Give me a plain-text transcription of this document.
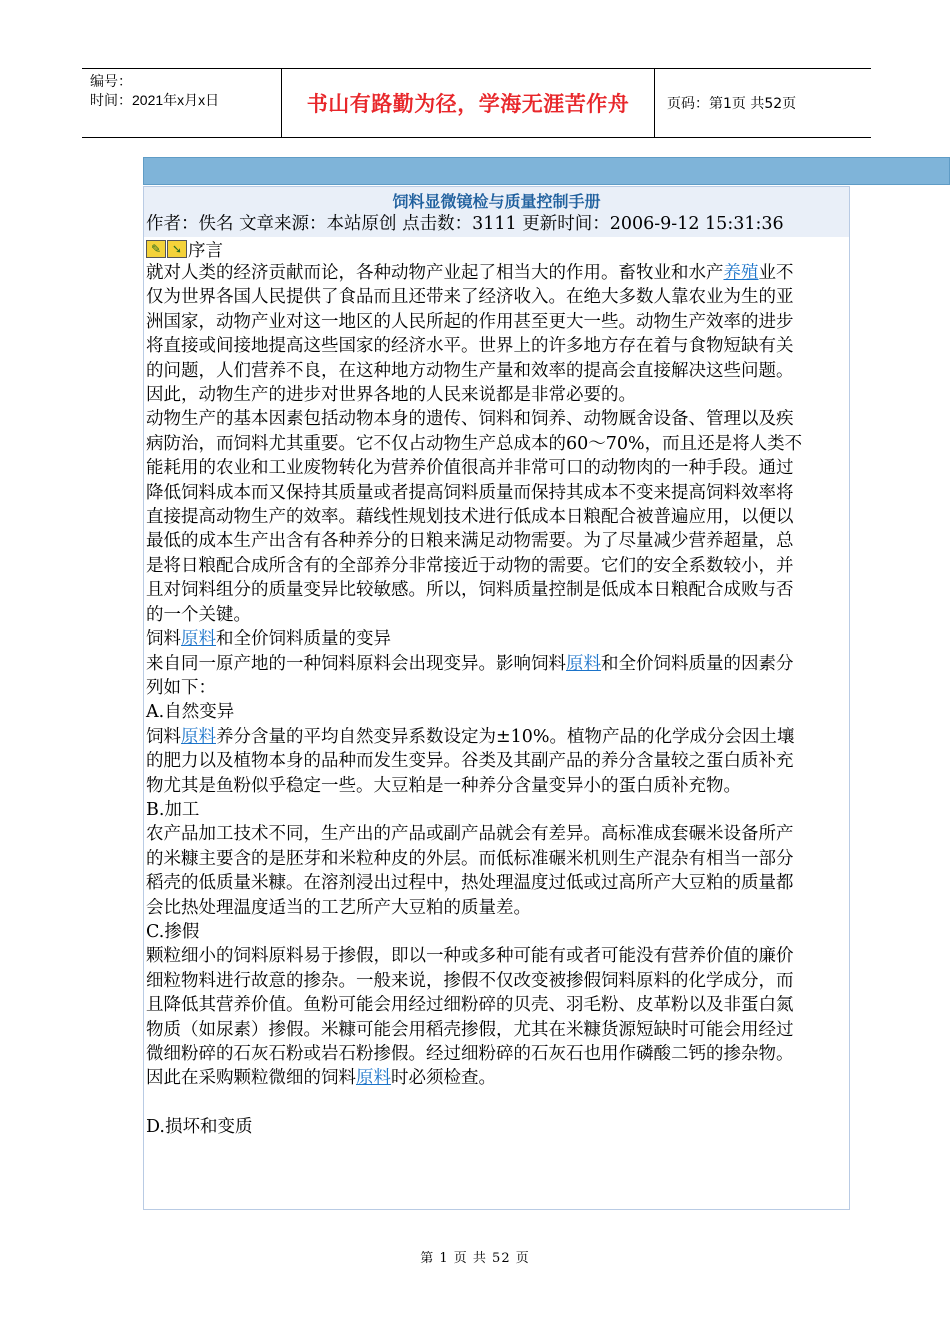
编号：
时间：2021年x月x日	书山有路勤为径，学海无涯苦作舟	页码：第1页 共52页
饲料显微镜检与质量控制手册
作者：佚名 文章来源：本站原创 点击数：3111 更新时间：2006-9-12 15:31:36
✎ ➘ 序言

就对人类的经济贡献而论，各种动物产业起了相当大的作用。畜牧业和水产养殖业不仅为世界各国人民提供了食品而且还带来了经济收入。在绝大多数人靠农业为生的亚洲国家，动物产业对这一地区的人民所起的作用甚至更大一些。动物生产效率的进步将直接或间接地提高这些国家的经济水平。世界上的许多地方存在着与食物短缺有关的问题，人们营养不良，在这种地方动物生产量和效率的提高会直接解决这些问题。因此，动物生产的进步对世界各地的人民来说都是非常必要的。

动物生产的基本因素包括动物本身的遗传、饲料和饲养、动物厩舍设备、管理以及疾病防治，而饲料尤其重要。它不仅占动物生产总成本的60～70%，而且还是将人类不能耗用的农业和工业废物转化为营养价值很高并非常可口的动物肉的一种手段。通过降低饲料成本而又保持其质量或者提高饲料质量而保持其成本不变来提高饲料效率将直接提高动物生产的效率。藉线性规划技术进行低成本日粮配合被普遍应用，以便以最低的成本生产出含有各种养分的日粮来满足动物需要。为了尽量减少营养超量，总是将日粮配合成所含有的全部养分非常接近于动物的需要。它们的安全系数较小，并且对饲料组分的质量变异比较敏感。所以，饲料质量控制是低成本日粮配合成败与否的一个关键。

饲料原料和全价饲料质量的变异

来自同一原产地的一种饲料原料会出现变异。影响饲料原料和全价饲料质量的因素分列如下：

A.自然变异

饲料原料养分含量的平均自然变异系数设定为±10%。植物产品的化学成分会因土壤的肥力以及植物本身的品种而发生变异。谷类及其副产品的养分含量较之蛋白质补充物尤其是鱼粉似乎稳定一些。大豆粕是一种养分含量变异小的蛋白质补充物。

B.加工

农产品加工技术不同，生产出的产品或副产品就会有差异。高标准成套碾米设备所产的米糠主要含的是胚芽和米粒种皮的外层。而低标准碾米机则生产混杂有相当一部分稻壳的低质量米糠。在溶剂浸出过程中，热处理温度过低或过高所产大豆粕的质量都会比热处理温度适当的工艺所产大豆粕的质量差。

C.掺假

颗粒细小的饲料原料易于掺假，即以一种或多种可能有或者可能没有营养价值的廉价细粒物料进行故意的掺杂。一般来说，掺假不仅改变被掺假饲料原料的化学成分，而且降低其营养价值。鱼粉可能会用经过细粉碎的贝壳、羽毛粉、皮革粉以及非蛋白氮物质（如尿素）掺假。米糠可能会用稻壳掺假，尤其在米糠货源短缺时可能会用经过微细粉碎的石灰石粉或岩石粉掺假。经过细粉碎的石灰石也用作磷酸二钙的掺杂物。因此在采购颗粒微细的饲料原料时必须检查。

D.损坏和变质

第 1 页 共 52 页
